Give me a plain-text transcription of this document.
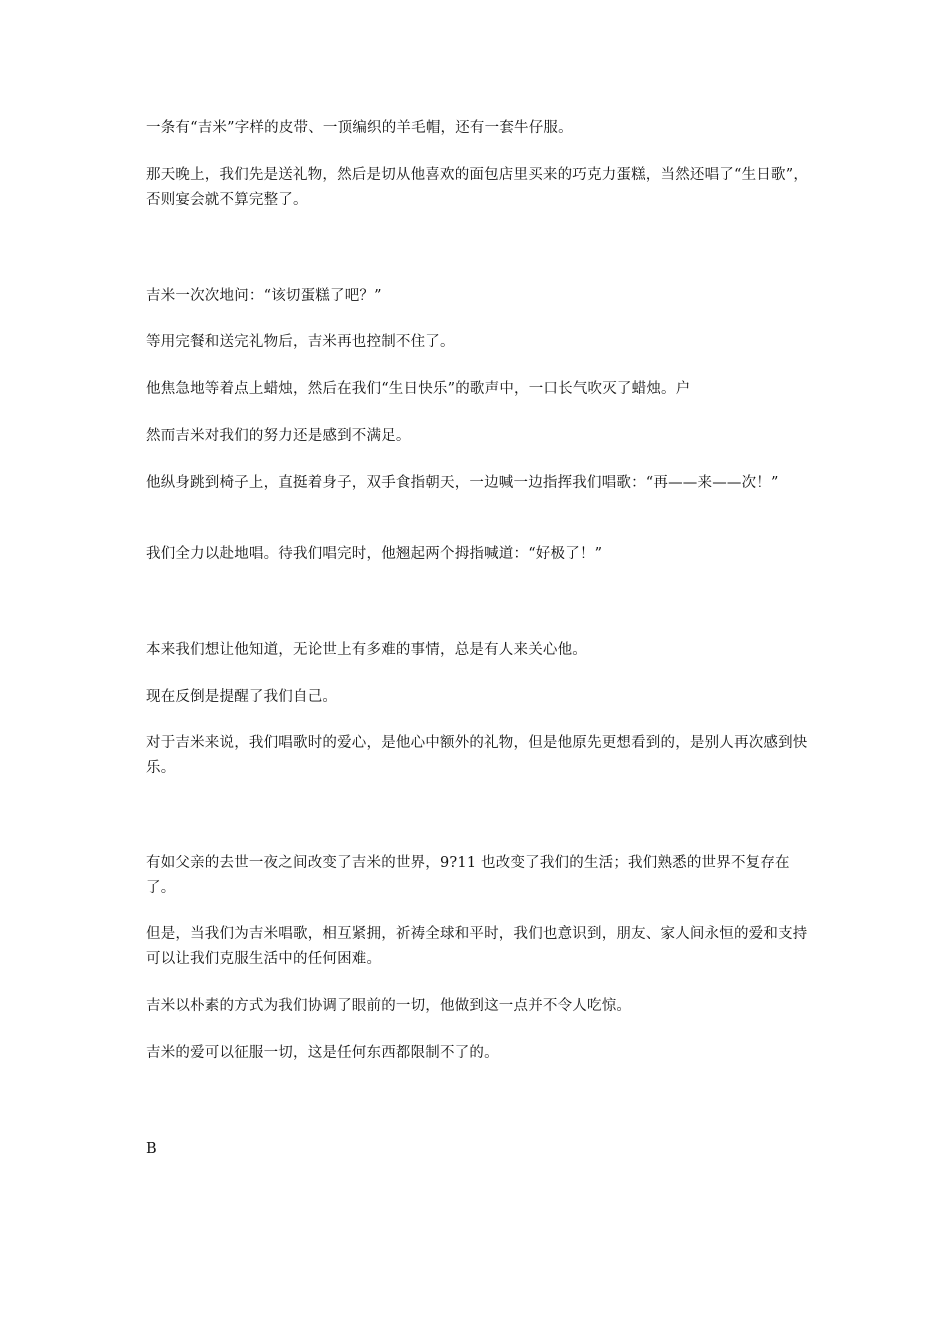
一条有“吉米”字样的皮带、一顶编织的羊毛帽，还有一套牛仔服。

那天晚上，我们先是送礼物，然后是切从他喜欢的面包店里买来的巧克力蛋糕，当然还唱了“生日歌”，否则宴会就不算完整了。

吉米一次次地问：“该切蛋糕了吧？”

等用完餐和送完礼物后，吉米再也控制不住了。

他焦急地等着点上蜡烛，然后在我们“生日快乐”的歌声中，一口长气吹灭了蜡烛。户

然而吉米对我们的努力还是感到不满足。

他纵身跳到椅子上，直挺着身子，双手食指朝天，一边喊一边指挥我们唱歌：“再——来——次！”

我们全力以赴地唱。待我们唱完时，他翘起两个拇指喊道：“好极了！”

本来我们想让他知道，无论世上有多难的事情，总是有人来关心他。

现在反倒是提醒了我们自己。

对于吉米来说，我们唱歌时的爱心，是他心中额外的礼物，但是他原先更想看到的，是别人再次感到快乐。

有如父亲的去世一夜之间改变了吉米的世界，9?11 也改变了我们的生活；我们熟悉的世界不复存在了。

但是，当我们为吉米唱歌，相互紧拥，祈祷全球和平时，我们也意识到，朋友、家人间永恒的爱和支持可以让我们克服生活中的任何困难。

吉米以朴素的方式为我们协调了眼前的一切，他做到这一点并不令人吃惊。

吉米的爱可以征服一切，这是任何东西都限制不了的。

B
